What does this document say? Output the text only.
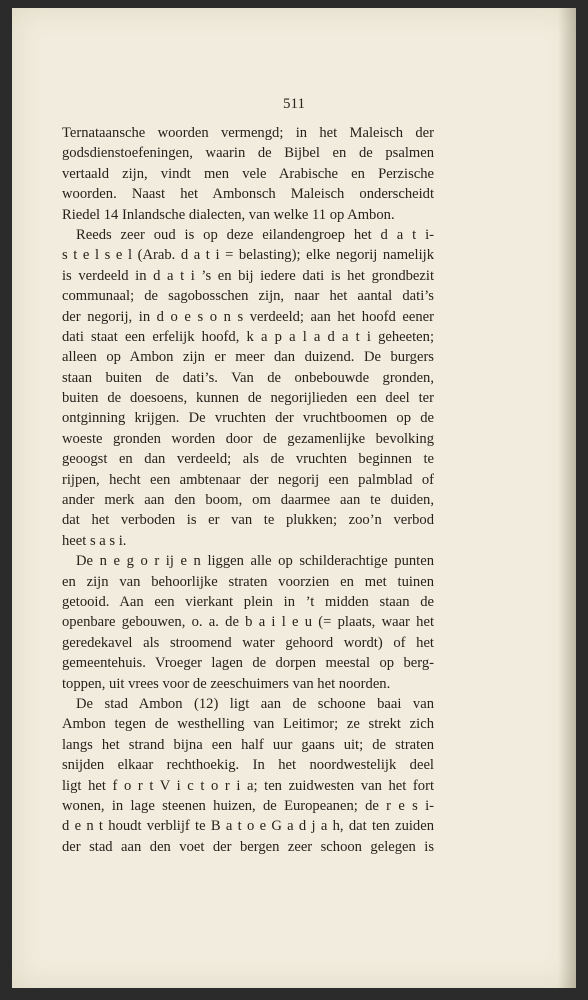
511
Ternataansche woorden vermengd; in het Maleisch der
godsdienstoefeningen, waarin de Bijbel en de psalmen
vertaald zijn, vindt men vele Arabische en Perzische
woorden. Naast het Ambonsch Maleisch onderscheidt
Riedel 14 Inlandsche dialecten, van welke 11 op Ambon.
Reeds zeer oud is op deze eilandengroep het d a t i-
s t e l s e l (Arab. d a t i = belasting); elke negorij namelijk
is verdeeld in d a t i ’s en bij iedere dati is het grondbezit
communaal; de sagobosschen zijn, naar het aantal dati’s
der negorij, in d o e s o n s verdeeld; aan het hoofd eener
dati staat een erfelijk hoofd, k a p a l a d a t i geheeten;
alleen op Ambon zijn er meer dan duizend. De burgers
staan buiten de dati’s. Van de onbebouwde gronden,
buiten de doesoens, kunnen de negorijlieden een deel ter
ontginning krijgen. De vruchten der vruchtboomen op de
woeste gronden worden door de gezamenlijke bevolking
geoogst en dan verdeeld; als de vruchten beginnen te
rijpen, hecht een ambtenaar der negorij een palmblad of
ander merk aan den boom, om daarmee aan te duiden,
dat het verboden is er van te plukken; zoo’n verbod
heet s a s i.
De n e g o r ij e n liggen alle op schilderachtige punten
en zijn van behoorlijke straten voorzien en met tuinen
getooid. Aan een vierkant plein in ’t midden staan de
openbare gebouwen, o. a. de b a i l e u (= plaats, waar het
geredekavel als stroomend water gehoord wordt) of het
gemeentehuis. Vroeger lagen de dorpen meestal op berg-
toppen, uit vrees voor de zeeschuimers van het noorden.
De stad Ambon (12) ligt aan de schoone baai van
Ambon tegen de westhelling van Leitimor; ze strekt zich
langs het strand bijna een half uur gaans uit; de straten
snijden elkaar rechthoekig. In het noordwestelijk deel
ligt het f o r t V i c t o r i a; ten zuidwesten van het fort
wonen, in lage steenen huizen, de Europeanen; de r e s i-
d e n t houdt verblijf te B a t o e G a d j a h, dat ten zuiden
der stad aan den voet der bergen zeer schoon gelegen is
